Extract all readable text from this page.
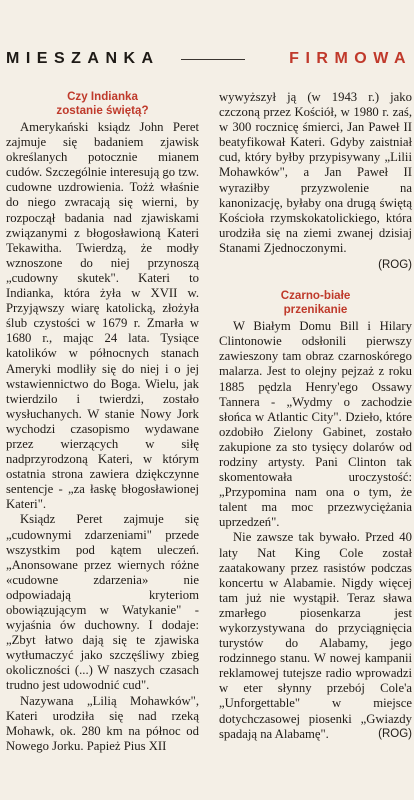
MIESZANKA	FIRMOWA
Czy Indianka
zostanie świętą?

Amerykański ksiądz John Peret zajmuje się badaniem zjawisk określanych potocznie mianem cudów. Szczególnie interesują go tzw. cudowne uzdrowienia. Tożż właśnie do niego zwracają się wierni, by rozpoczął badania nad zjawiskami związanymi z błogosławioną Kateri Tekawitha. Twierdzą, że modły wznoszone do niej przynoszą „cudowny skutek". Kateri to Indianka, która żyła w XVII w. Przyjąwszy wiarę katolicką, złożyła ślub czystości w 1679 r. Zmarła w 1680 r., mając 24 lata. Tysiące katolików w północnych stanach Ameryki modliły się do niej i o jej wstawiennictwo do Boga. Wielu, jak twierdzilo i twierdzi, zostało wysłuchanych. W stanie Nowy Jork wychodzi czasopismo wydawane przez wierzących w siłę nadprzyrodzoną Kateri, w którym ostatnia strona zawiera dziękczynne sentencje - „za łaskę błogosławionej Kateri".

Ksiądz Peret zajmuje się „cudownymi zdarzeniami" przede wszystkim pod kątem uleczeń. „Anonsowane przez wiernych różne «cudowne zdarzenia» nie odpowiadają kryteriom obowiązującym w Watykanie" - wyjaśnia ów duchowny. I dodaje: „Zbyt łatwo dają się te zjawiska wytłumaczyć jako szczęśliwy zbieg okoliczności (...) W naszych czasach trudno jest udowodnić cud".

Nazywana „Lilią Mohawków", Kateri urodziła się nad rzeką Mohawk, ok. 280 km na północ od Nowego Jorku. Papież Pius XII

wywyższył ją (w 1943 r.) jako czczoną przez Kościół, w 1980 r. zaś, w 300 rocznicę śmierci, Jan Paweł II beatyfikował Kateri. Gdyby zaistniał cud, który byłby przypisywany „Lilii Mohawków", a Jan Paweł II wyraziłby przyzwolenie na kanonizację, byłaby ona drugą świętą Kościoła rzymskokatolickiego, która urodziła się na ziemi zwanej dzisiaj Stanami Zjednoczonymi.

(ROG)
Czarno-białe
przenikanie

W Białym Domu Bill i Hilary Clintonowie odsłonili pierwszy zawieszony tam obraz czarnoskórego malarza. Jest to olejny pejzaż z roku 1885 pędzla Henry'ego Ossawy Tannera - „Wydmy o zachodzie słońca w Atlantic City". Dzieło, które ozdobiło Zielony Gabinet, zostało zakupione za sto tysięcy dolarów od rodziny artysty. Pani Clinton tak skomentowała uroczystość: „Przypomina nam ona o tym, że talent ma moc przezwyciężania uprzedzeń".

Nie zawsze tak bywało. Przed 40 laty Nat King Cole został zaatakowany przez rasistów podczas koncertu w Alabamie. Nigdy więcej tam już nie wystąpił. Teraz sława zmarłego piosenkarza jest wykorzystywana do przyciągnięcia turystów do Alabamy, jego rodzinnego stanu. W nowej kampanii reklamowej tutejsze radio wprowadzi w eter słynny przebój Cole'a „Unforgettable" w miejsce dotychczasowej piosenki „Gwiazdy spadają na Alabamę".	(ROG)
